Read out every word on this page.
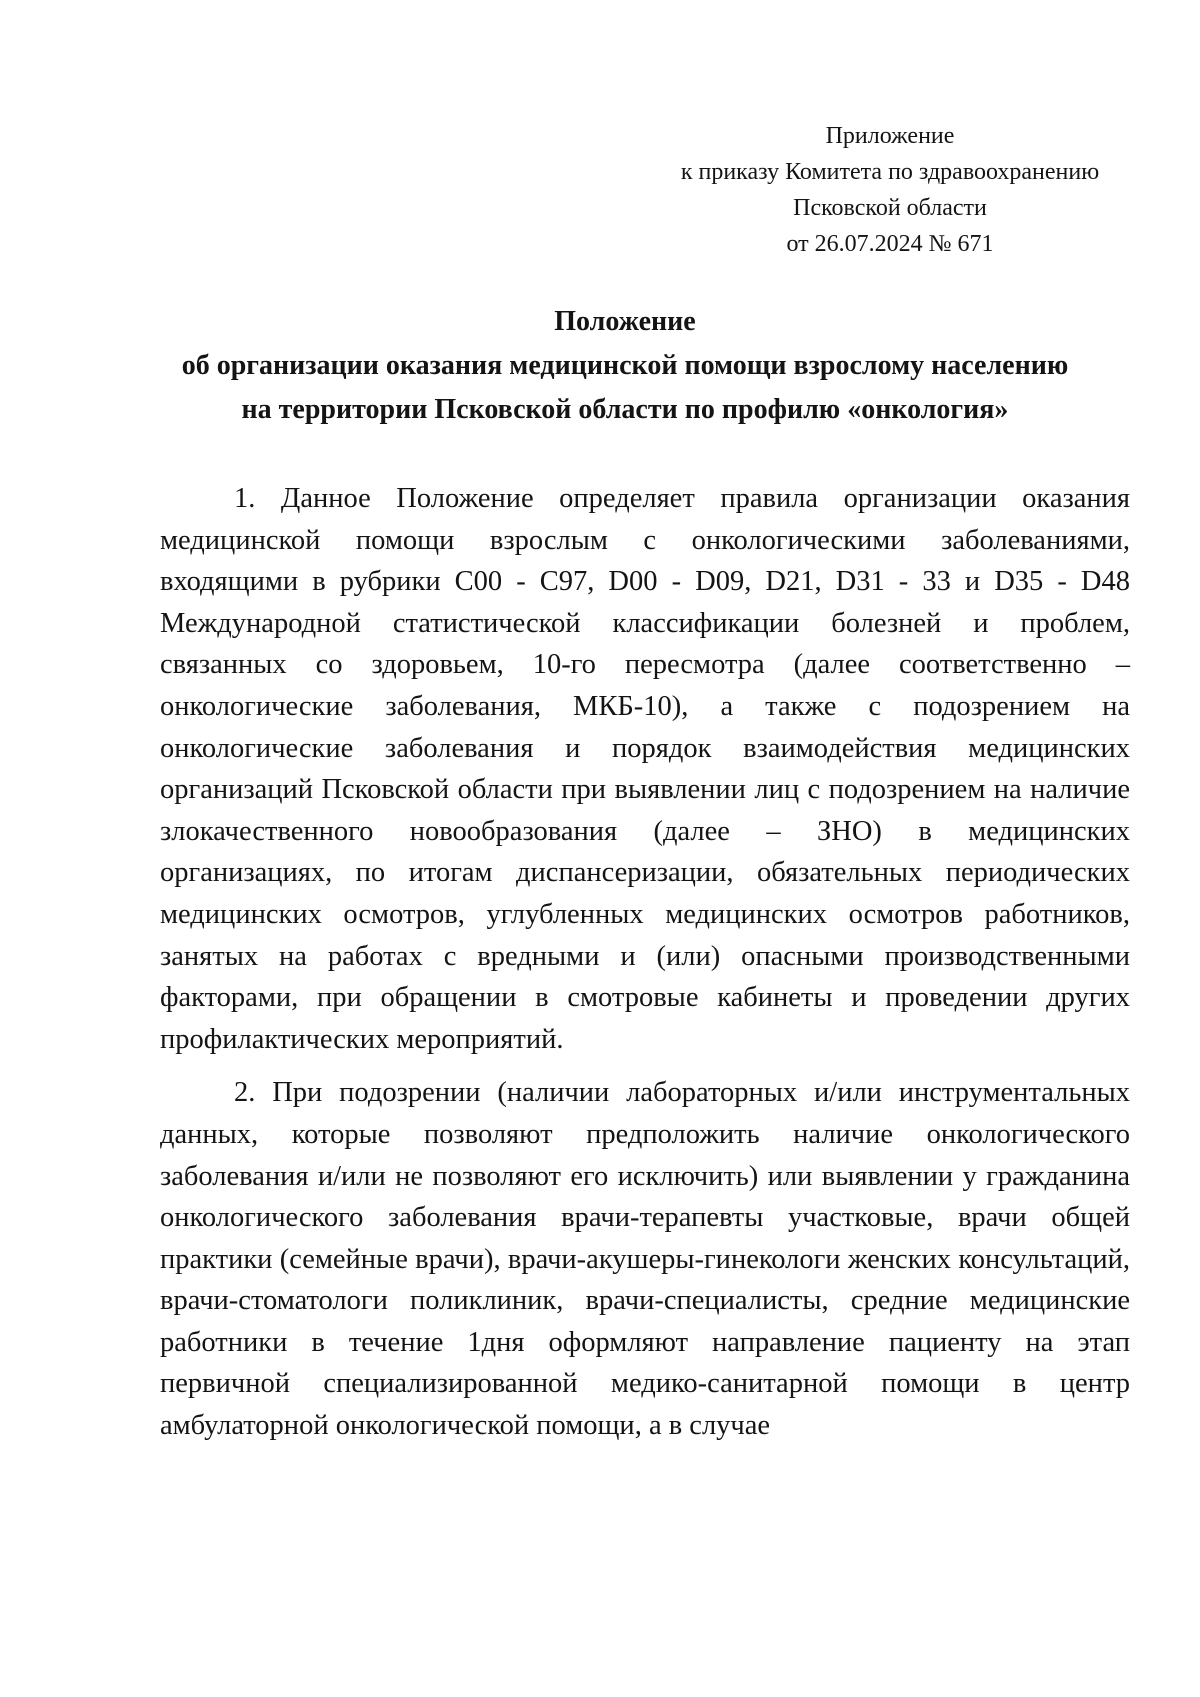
Приложение
к приказу Комитета по здравоохранению
Псковской области
от 26.07.2024 № 671
Положение
об организации оказания медицинской помощи взрослому населению
на территории Псковской области по профилю «онкология»

1. Данное Положение определяет правила организации оказания медицинской помощи взрослым с онкологическими заболеваниями, входящими в рубрики С00 - С97, D00 - D09, D21, D31 - 33 и D35 - D48 Международной статистической классификации болезней и проблем, связанных со здоровьем, 10-го пересмотра (далее соответственно – онкологические заболевания, МКБ-10), а также с подозрением на онкологические заболевания и порядок взаимодействия медицинских организаций Псковской области при выявлении лиц с подозрением на наличие злокачественного новообразования (далее – ЗНО) в медицинских организациях, по итогам диспансеризации, обязательных периодических медицинских осмотров, углубленных медицинских осмотров работников, занятых на работах с вредными и (или) опасными производственными факторами, при обращении в смотровые кабинеты и проведении других профилактических мероприятий.

2. При подозрении (наличии лабораторных и/или инструментальных данных, которые позволяют предположить наличие онкологического заболевания и/или не позволяют его исключить) или выявлении у гражданина онкологического заболевания врачи-терапевты участковые, врачи общей практики (семейные врачи), врачи-акушеры-гинекологи женских консультаций, врачи-стоматологи поликлиник, врачи-специалисты, средние медицинские работники в течение 1дня оформляют направление пациенту на этап первичной специализированной медико-санитарной помощи в центр амбулаторной онкологической помощи, а в случае
